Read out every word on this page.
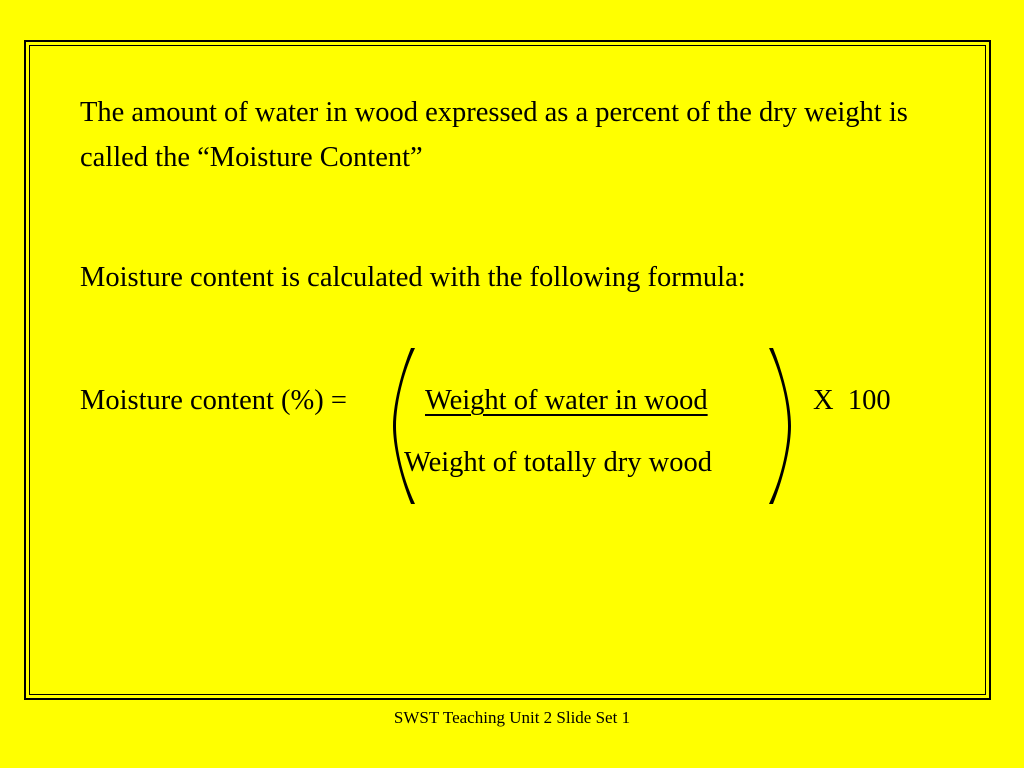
The amount of water in wood expressed as a percent of the dry weight is called the “Moisture Content”
Moisture content is calculated with the following formula:
Moisture content (%) =	Weight of water in wood
Weight of totally dry wood
X  100
SWST Teaching Unit 2 Slide Set 1
